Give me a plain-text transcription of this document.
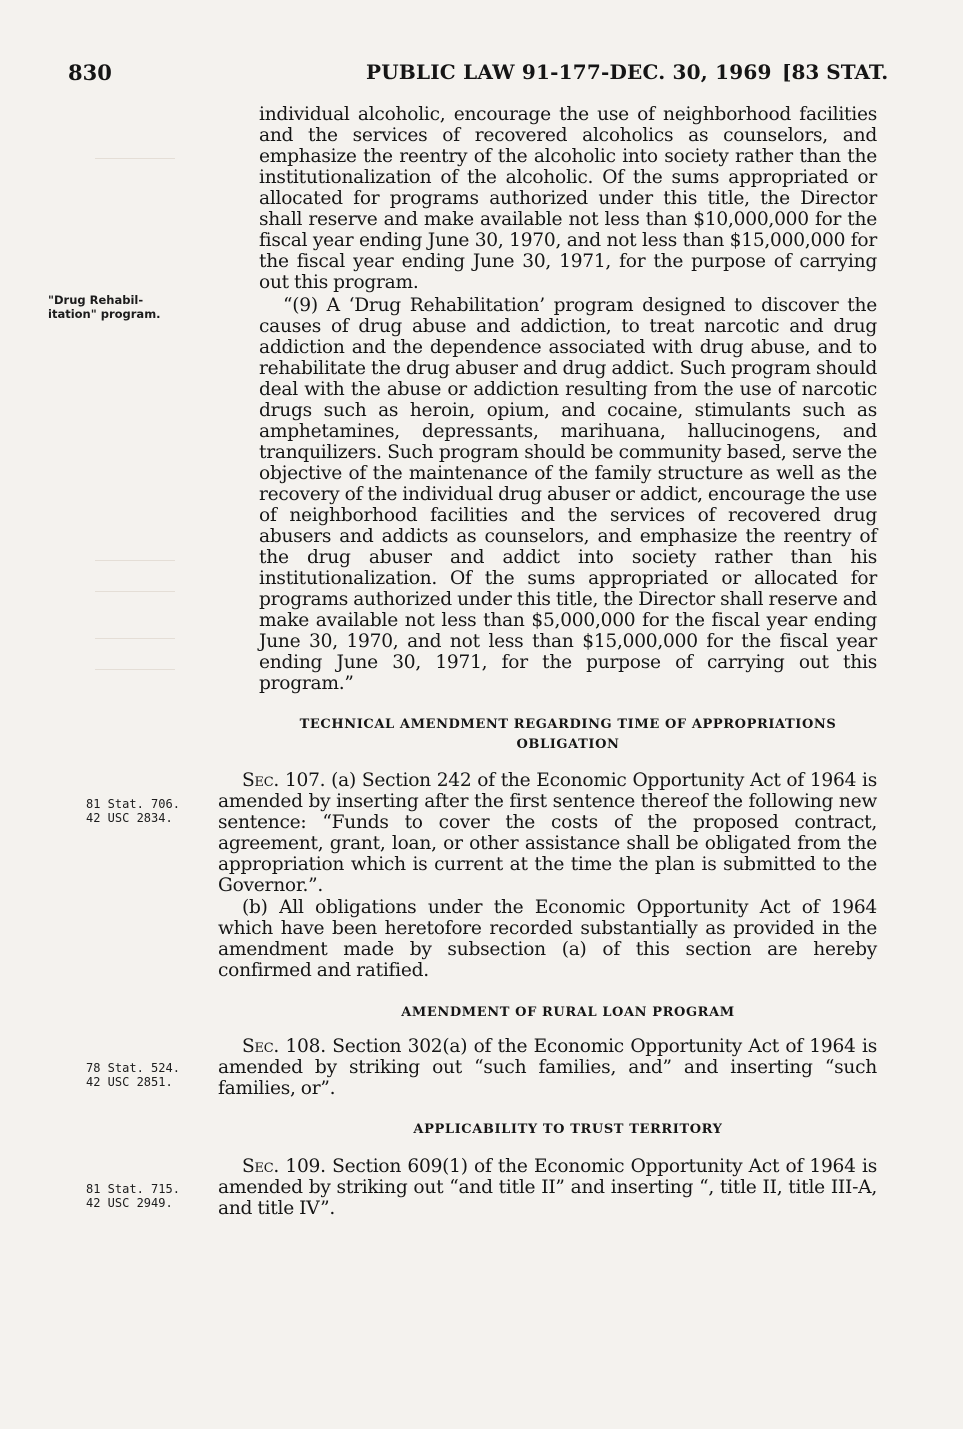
830	PUBLIC LAW 91-177-DEC. 30, 1969 [83 STAT.
"Drug Rehabil-
itation" program.
81 Stat. 706.
42 USC 2834.
78 Stat. 524.
42 USC 2851.
81 Stat. 715.
42 USC 2949.
individual alcoholic, encourage the use of neighborhood facilities and the services of recovered alcoholics as counselors, and emphasize the reentry of the alcoholic into society rather than the institutionalization of the alcoholic. Of the sums appropriated or allocated for programs authorized under this title, the Director shall reserve and make available not less than $10,000,000 for the fiscal year ending June 30, 1970, and not less than $15,000,000 for the fiscal year ending June 30, 1971, for the purpose of carrying out this program.
“(9) A ‘Drug Rehabilitation’ program designed to discover the causes of drug abuse and addiction, to treat narcotic and drug addiction and the dependence associated with drug abuse, and to rehabilitate the drug abuser and drug addict. Such program should deal with the abuse or addiction resulting from the use of narcotic drugs such as heroin, opium, and cocaine, stimulants such as amphetamines, depressants, marihuana, hallucinogens, and tranquilizers. Such program should be community based, serve the objective of the maintenance of the family structure as well as the recovery of the individual drug abuser or addict, encourage the use of neighborhood facilities and the services of recovered drug abusers and addicts as counselors, and emphasize the reentry of the drug abuser and addict into society rather than his institutionalization. Of the sums appropriated or allocated for programs authorized under this title, the Director shall reserve and make available not less than $5,000,000 for the fiscal year ending June 30, 1970, and not less than $15,000,000 for the fiscal year ending June 30, 1971, for the purpose of carrying out this program.”
TECHNICAL AMENDMENT REGARDING TIME OF APPROPRIATIONS OBLIGATION
Sec. 107. (a) Section 242 of the Economic Opportunity Act of 1964 is amended by inserting after the first sentence thereof the following new sentence: “Funds to cover the costs of the proposed contract, agreement, grant, loan, or other assistance shall be obligated from the appropriation which is current at the time the plan is submitted to the Governor.”.
(b) All obligations under the Economic Opportunity Act of 1964 which have been heretofore recorded substantially as provided in the amendment made by subsection (a) of this section are hereby confirmed and ratified.
AMENDMENT OF RURAL LOAN PROGRAM
Sec. 108. Section 302(a) of the Economic Opportunity Act of 1964 is amended by striking out “such families, and” and inserting “such families, or”.
APPLICABILITY TO TRUST TERRITORY
Sec. 109. Section 609(1) of the Economic Opportunity Act of 1964 is amended by striking out “and title II” and inserting “, title II, title III-A, and title IV”.
